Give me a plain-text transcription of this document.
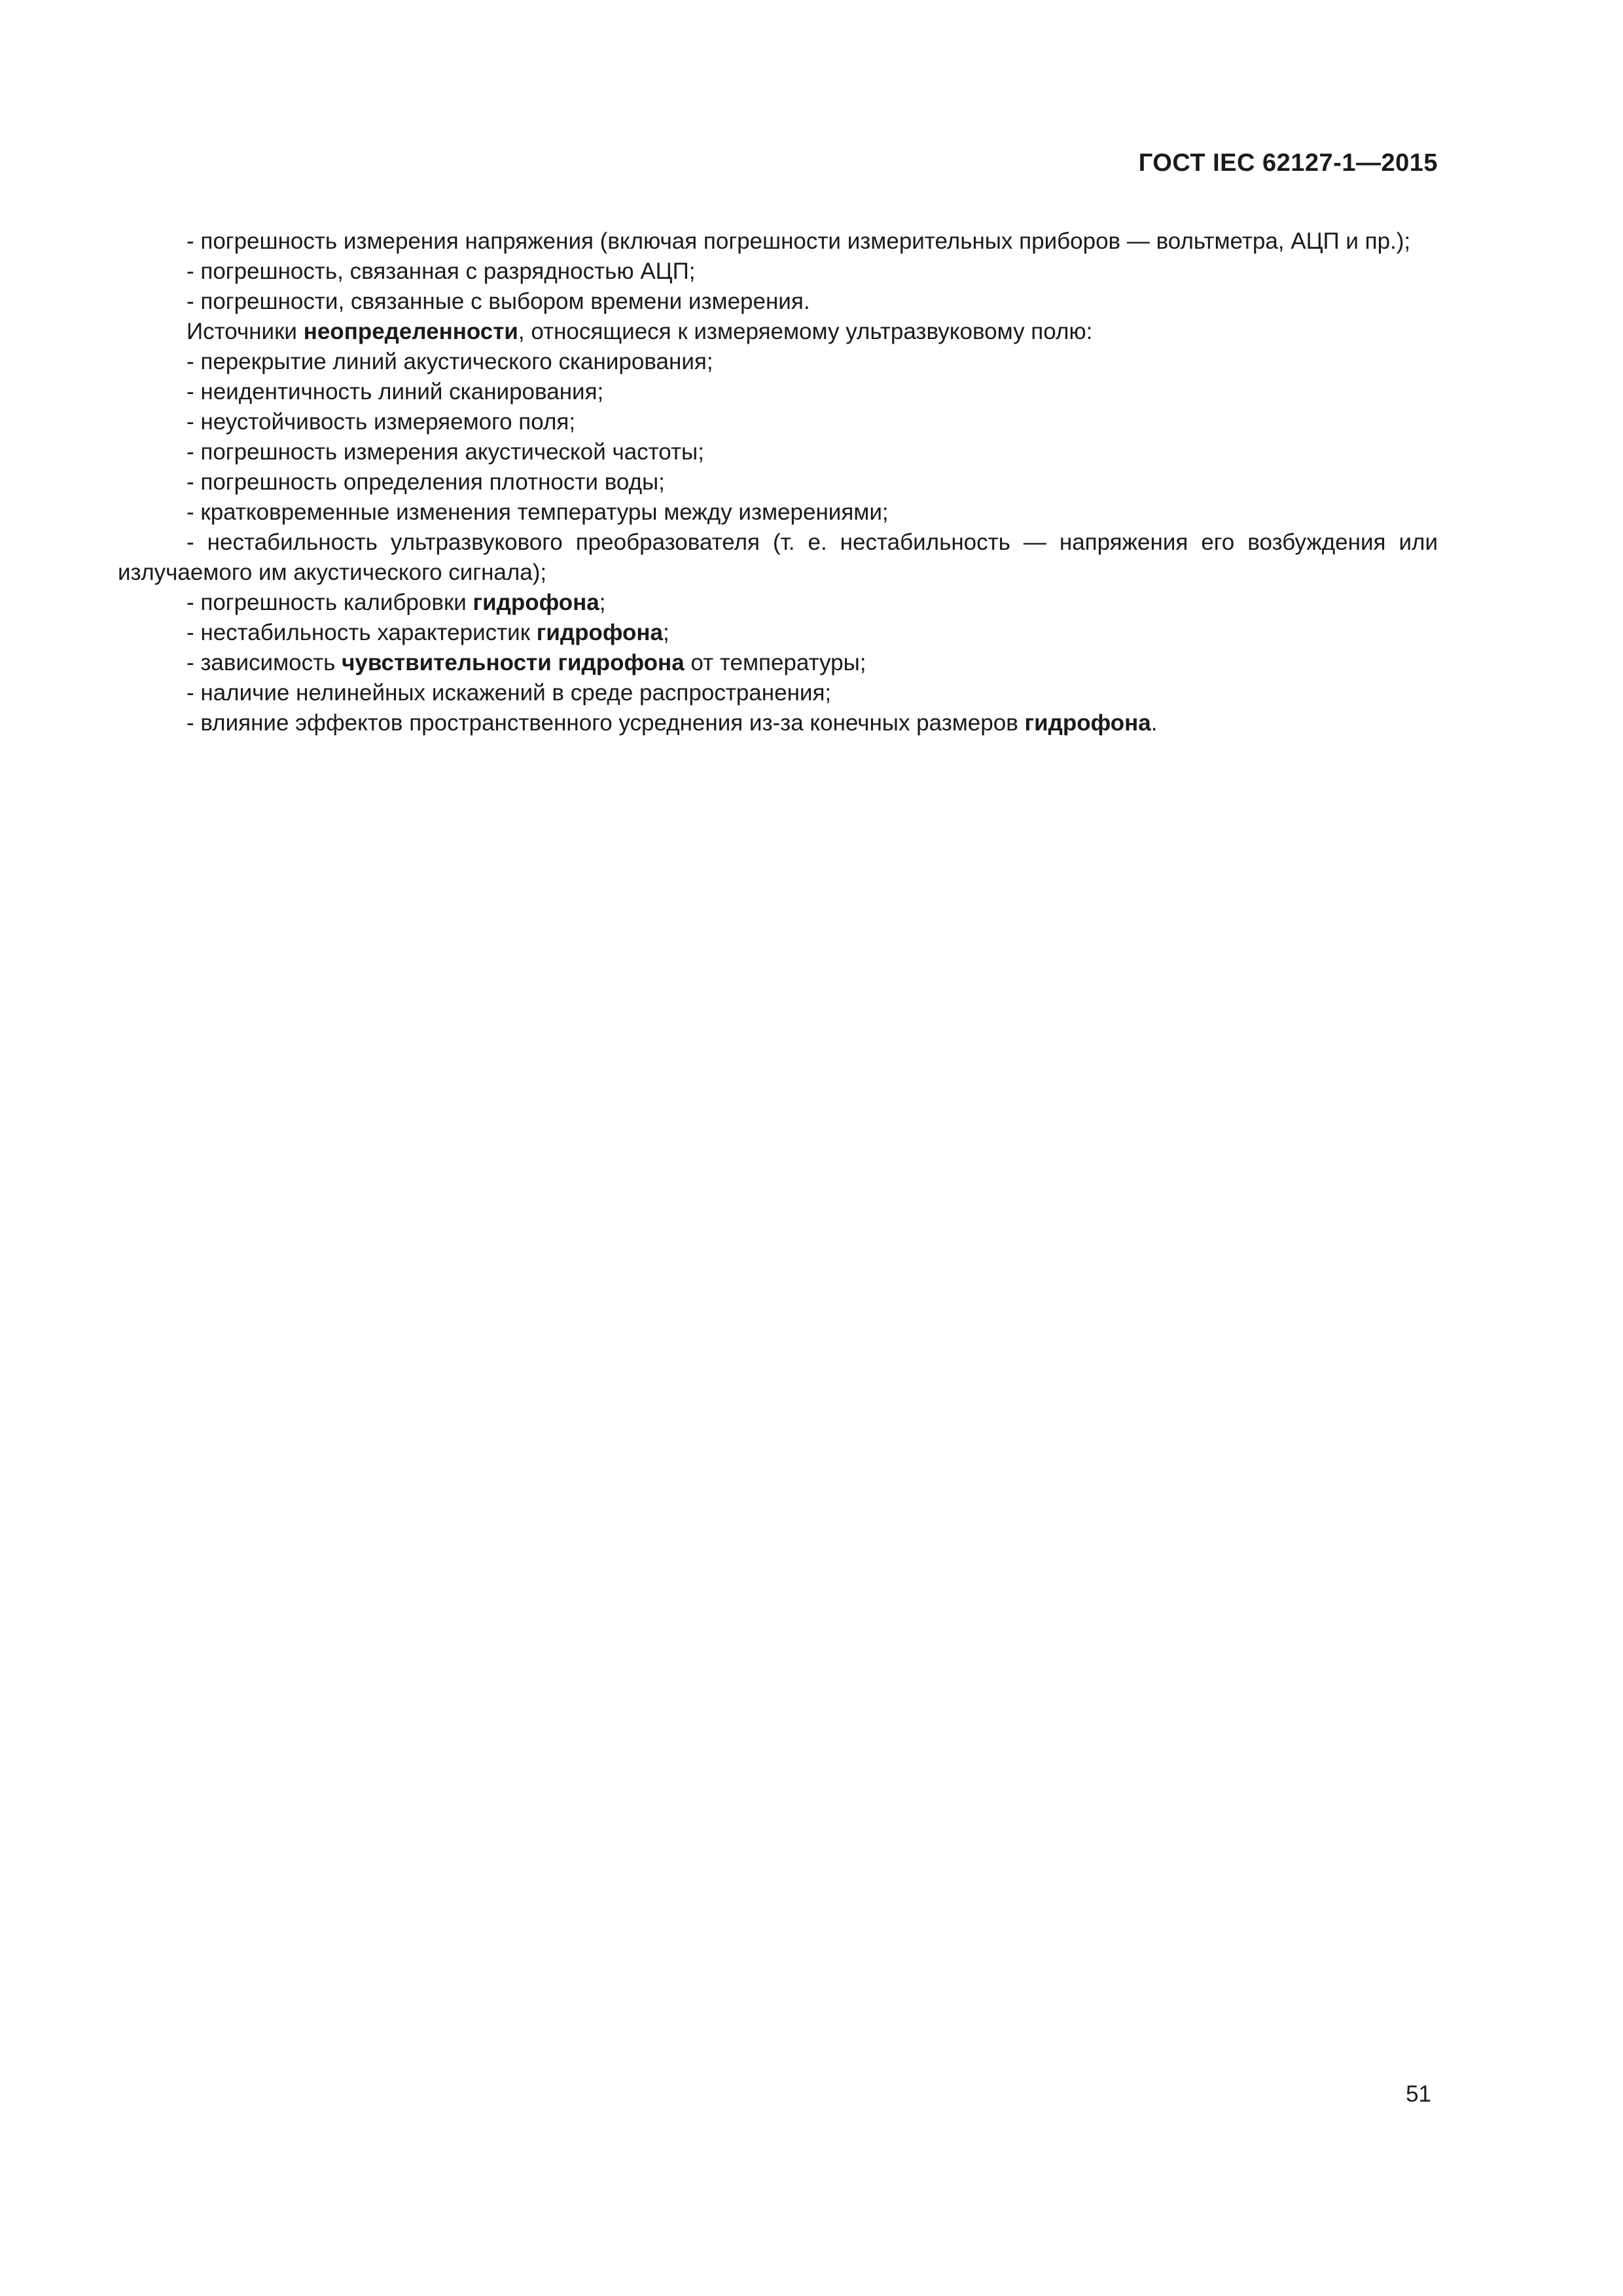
ГОСТ IEC 62127-1—2015

- погрешность измерения напряжения (включая погрешности измерительных приборов — вольтметра, АЦП и пр.);

- погрешность, связанная с разрядностью АЦП;

- погрешности, связанные с выбором времени измерения.

Источники неопределенности, относящиеся к измеряемому ультразвуковому полю:

- перекрытие линий акустического сканирования;

- неидентичность линий сканирования;

- неустойчивость измеряемого поля;

- погрешность измерения акустической частоты;

- погрешность определения плотности воды;

- кратковременные изменения температуры между измерениями;

- нестабильность ультразвукового преобразователя (т. е. нестабильность — напряжения его возбуждения или излучаемого им акустического сигнала);

- погрешность калибровки гидрофона;

- нестабильность характеристик гидрофона;

- зависимость чувствительности гидрофона от температуры;

- наличие нелинейных искажений в среде распространения;

- влияние эффектов пространственного усреднения из-за конечных размеров гидрофона.

51
